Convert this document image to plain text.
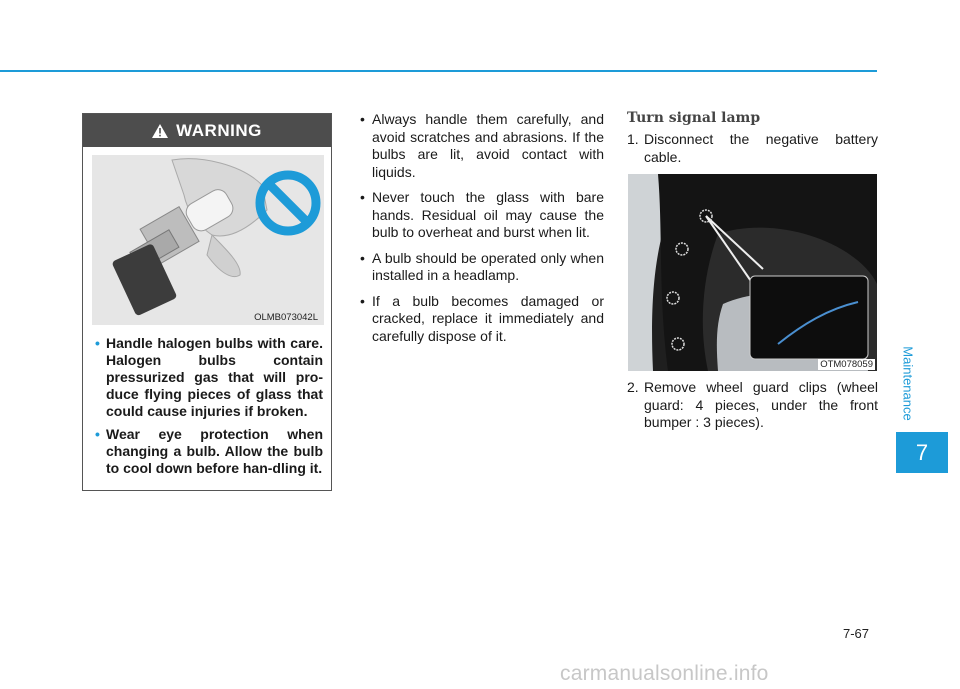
WARNING
OLMB073042L
• Handle halogen bulbs with care. Halogen bulbs contain pressurized gas that will pro-duce flying pieces of glass that could cause injuries if broken.
• Wear eye protection when changing a bulb. Allow the bulb to cool down before han-dling it.
• Always handle them carefully, and avoid scratches and abrasions. If the bulbs are lit, avoid contact with liquids.
• Never touch the glass with bare hands. Residual oil may cause the bulb to overheat and burst when lit.
• A bulb should be operated only when installed in a headlamp.
• If a bulb becomes damaged or cracked, replace it immediately and carefully dispose of it.
Turn signal lamp
1. Disconnect the negative battery cable.
OTM078059
2. Remove wheel guard clips (wheel guard: 4 pieces, under the front bumper : 3 pieces).
Maintenance
7
7-67
carmanualsonline.info
